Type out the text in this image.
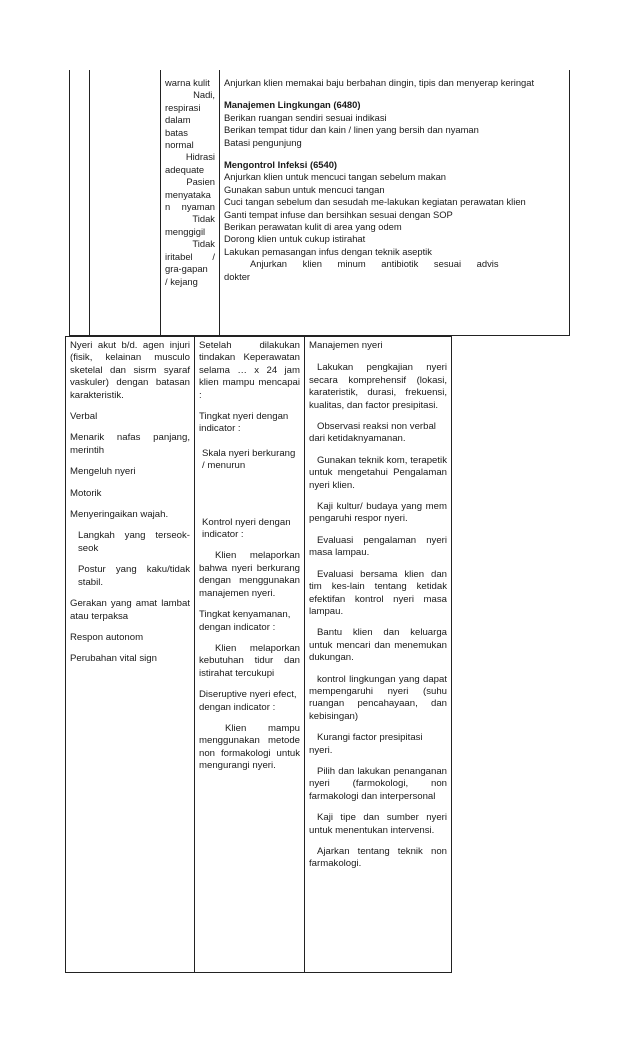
warna kulit
Nadi,
respirasi
dalam
batas
normal
Hidrasi
adequate
Pasien
menyataka
n nyaman
Tidak
menggigil
Tidak
iritabel /
gra-gapan
/ kejang
Anjurkan klien memakai baju berbahan dingin, tipis dan menyerap keringat
Manajemen Lingkungan (6480)
Berikan ruangan sendiri sesuai indikasi
Berikan tempat tidur dan kain / linen yang bersih dan nyaman
Batasi pengunjung
Mengontrol Infeksi (6540)
Anjurkan klien untuk mencuci tangan sebelum makan
Gunakan sabun untuk mencuci tangan
Cuci tangan sebelum dan sesudah me-lakukan kegiatan perawatan klien
Ganti tempat infuse dan bersihkan sesuai dengan SOP
Berikan perawatan kulit di area yang odem
Dorong klien untuk cukup istirahat
Lakukan pemasangan infus dengan teknik aseptik
Anjurkan      klien      minum      antibiotik      sesuai      advis
dokter

Nyeri akut b/d. agen injuri (fisik, kelainan musculo sketelal dan sisrm syaraf vaskuler) dengan batasan karakteristik.

Verbal

Menarik nafas panjang, merintih

Mengeluh nyeri

Motorik

Menyeringaikan wajah.

Langkah yang terseok-seok

Postur yang kaku/tidak stabil.

Gerakan yang amat lambat atau terpaksa

Respon autonom

Perubahan vital sign

Setelah dilakukan tindakan Keperawatan selama … x 24 jam klien mampu mencapai :

Tingkat nyeri dengan indicator :

Skala nyeri berkurang / menurun

Kontrol nyeri dengan indicator :

Klien melaporkan bahwa nyeri berkurang dengan menggunakan manajemen nyeri.

Tingkat kenyamanan, dengan indicator :

Klien melaporkan kebutuhan tidur dan istirahat tercukupi

Diseruptive nyeri efect, dengan indicator :

Klien mampu menggunakan metode non formakologi untuk mengurangi nyeri.

Manajemen nyeri

Lakukan pengkajian nyeri secara komprehensif (lokasi, karateristik, durasi, frekuensi, kualitas, dan factor presipitasi.

Observasi reaksi non verbal dari ketidaknyamanan.

Gunakan teknik kom, terapetik untuk mengetahui Pengalaman nyeri klien.

Kaji kultur/ budaya yang mem pengaruhi respor nyeri.

Evaluasi pengalaman nyeri masa lampau.

Evaluasi bersama klien dan tim kes-lain tentang ketidak efektifan kontrol nyeri masa lampau.

Bantu klien dan keluarga untuk mencari dan menemukan dukungan.

kontrol lingkungan yang dapat mempengaruhi nyeri (suhu ruangan pencahayaan, dan kebisingan)

Kurangi factor presipitasi nyeri.

Pilih dan lakukan penanganan nyeri (farmokologi, non farmakologi dan interpersonal

Kaji tipe dan sumber nyeri untuk menentukan intervensi.

Ajarkan tentang teknik non farmakologi.
